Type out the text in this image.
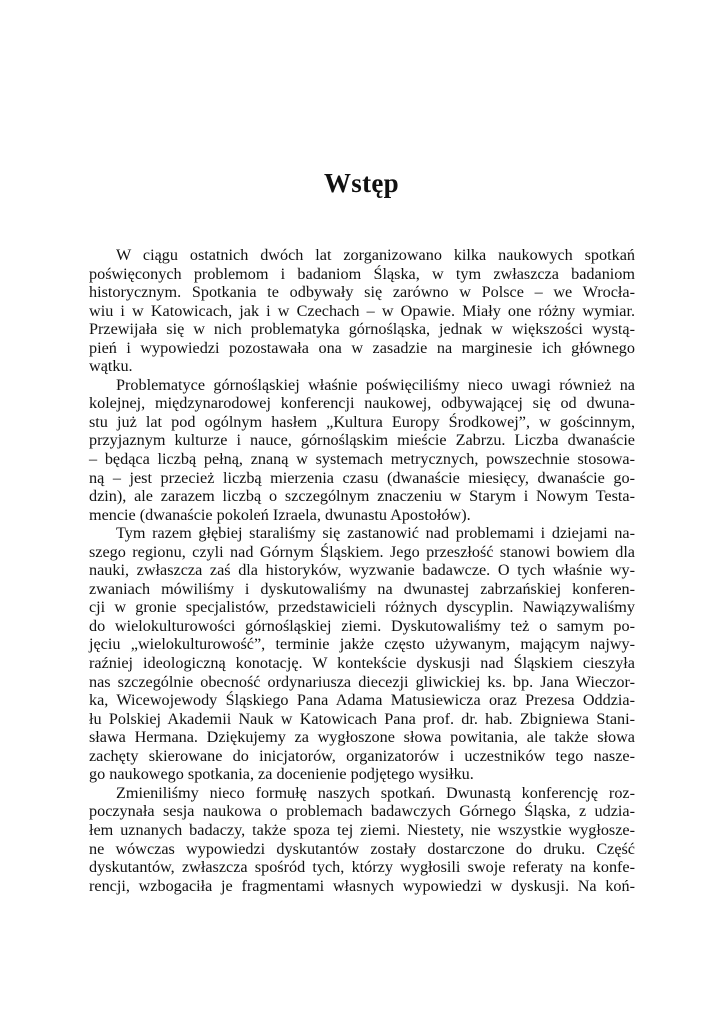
Wstęp
W ciągu ostatnich dwóch lat zorganizowano kilka naukowych spotkań
poświęconych problemom i badaniom Śląska, w tym zwłaszcza badaniom
historycznym. Spotkania te odbywały się zarówno w Polsce – we Wrocła-
wiu i w Katowicach, jak i w Czechach – w Opawie. Miały one różny wymiar.
Przewijała się w nich problematyka górnośląska, jednak w większości wystą-
pień i wypowiedzi pozostawała ona w zasadzie na marginesie ich głównego
wątku.
Problematyce górnośląskiej właśnie poświęciliśmy nieco uwagi również na
kolejnej, międzynarodowej konferencji naukowej, odbywającej się od dwuna-
stu już lat pod ogólnym hasłem „Kultura Europy Środkowej”, w gościnnym,
przyjaznym kulturze i nauce, górnośląskim mieście Zabrzu. Liczba dwanaście
– będąca liczbą pełną, znaną w systemach metrycznych, powszechnie stosowa-
ną – jest przecież liczbą mierzenia czasu (dwanaście miesięcy, dwanaście go-
dzin), ale zarazem liczbą o szczególnym znaczeniu w Starym i Nowym Testa-
mencie (dwanaście pokoleń Izraela, dwunastu Apostołów).
Tym razem głębiej staraliśmy się zastanowić nad problemami i dziejami na-
szego regionu, czyli nad Górnym Śląskiem. Jego przeszłość stanowi bowiem dla
nauki, zwłaszcza zaś dla historyków, wyzwanie badawcze. O tych właśnie wy-
zwaniach mówiliśmy i dyskutowaliśmy na dwunastej zabrzańskiej konferen-
cji w gronie specjalistów, przedstawicieli różnych dyscyplin. Nawiązywaliśmy
do wielokulturowości górnośląskiej ziemi. Dyskutowaliśmy też o samym po-
jęciu „wielokulturowość”, terminie jakże często używanym, mającym najwy-
raźniej ideologiczną konotację. W kontekście dyskusji nad Śląskiem cieszyła
nas szczególnie obecność ordynariusza diecezji gliwickiej ks. bp. Jana Wieczor-
ka, Wicewojewody Śląskiego Pana Adama Matusiewicza oraz Prezesa Oddzia-
łu Polskiej Akademii Nauk w Katowicach Pana prof. dr. hab. Zbigniewa Stani-
sława Hermana. Dziękujemy za wygłoszone słowa powitania, ale także słowa
zachęty skierowane do inicjatorów, organizatorów i uczestników tego nasze-
go naukowego spotkania, za docenienie podjętego wysiłku.
Zmieniliśmy nieco formułę naszych spotkań. Dwunastą konferencję roz-
poczynała sesja naukowa o problemach badawczych Górnego Śląska, z udzia-
łem uznanych badaczy, także spoza tej ziemi. Niestety, nie wszystkie wygłosze-
ne wówczas wypowiedzi dyskutantów zostały dostarczone do druku. Część
dyskutantów, zwłaszcza spośród tych, którzy wygłosili swoje referaty na konfe-
rencji, wzbogaciła je fragmentami własnych wypowiedzi w dyskusji. Na koń-
